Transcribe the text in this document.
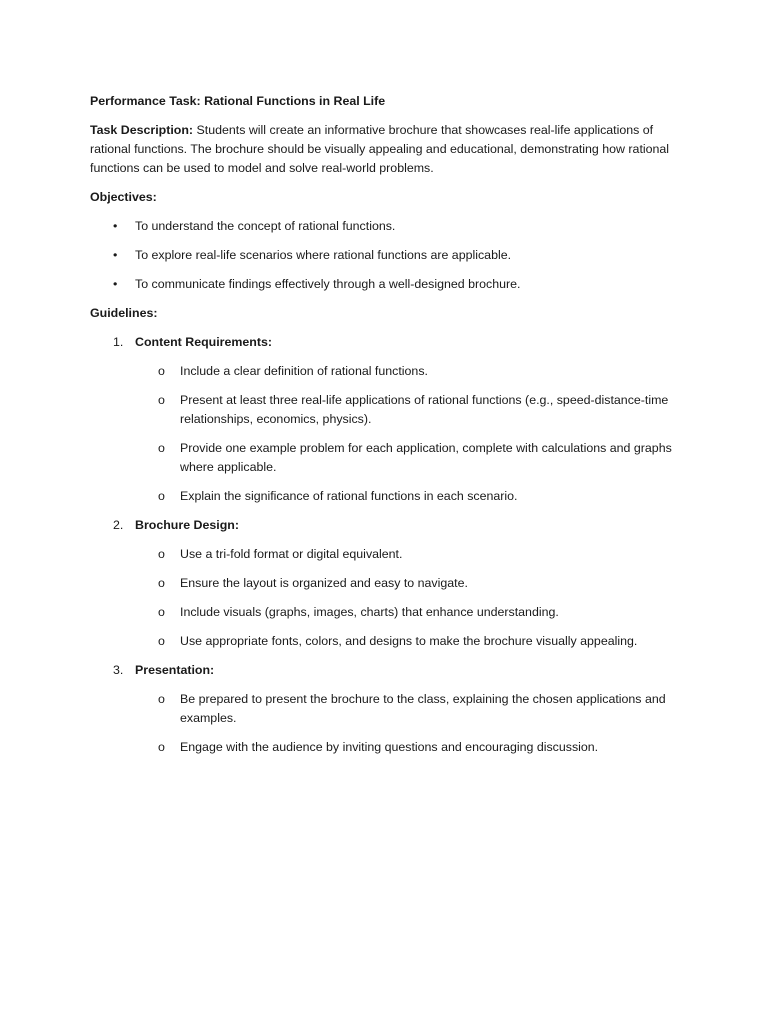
Performance Task: Rational Functions in Real Life

Task Description: Students will create an informative brochure that showcases real-life applications of rational functions. The brochure should be visually appealing and educational, demonstrating how rational functions can be used to model and solve real-world problems.

Objectives:

• To understand the concept of rational functions.
• To explore real-life scenarios where rational functions are applicable.
• To communicate findings effectively through a well-designed brochure.

Guidelines:

1. Content Requirements:
o Include a clear definition of rational functions.
o Present at least three real-life applications of rational functions (e.g., speed-distance-time relationships, economics, physics).
o Provide one example problem for each application, complete with calculations and graphs where applicable.
o Explain the significance of rational functions in each scenario.
2. Brochure Design:
o Use a tri-fold format or digital equivalent.
o Ensure the layout is organized and easy to navigate.
o Include visuals (graphs, images, charts) that enhance understanding.
o Use appropriate fonts, colors, and designs to make the brochure visually appealing.
3. Presentation:
o Be prepared to present the brochure to the class, explaining the chosen applications and examples.
o Engage with the audience by inviting questions and encouraging discussion.
